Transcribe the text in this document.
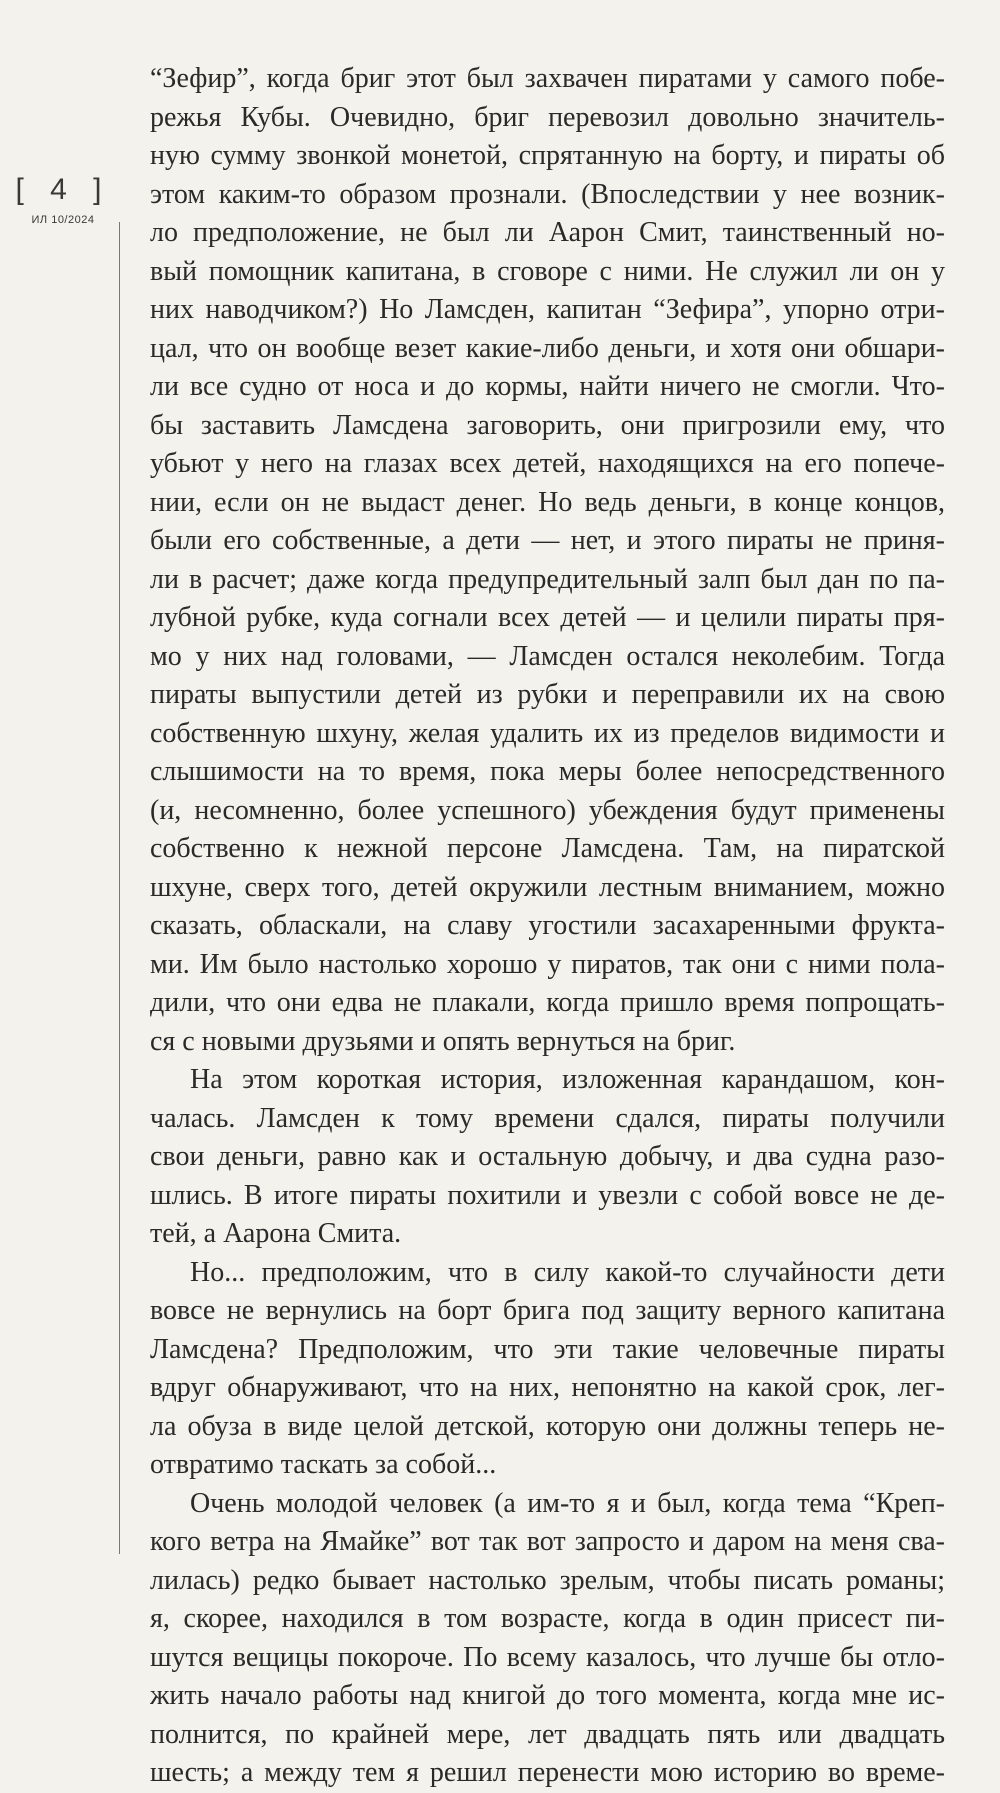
[ 4 ]
ИЛ 10/2024
“Зефир”, когда бриг этот был захвачен пиратами у самого побе-
режья Кубы. Очевидно, бриг перевозил довольно значитель-
ную сумму звонкой монетой, спрятанную на борту, и пираты об
этом каким-то образом прознали. (Впоследствии у нее возник-
ло предположение, не был ли Аарон Смит, таинственный но-
вый помощник капитана, в сговоре с ними. Не служил ли он у
них наводчиком?) Но Ламсден, капитан “Зефира”, упорно отри-
цал, что он вообще везет какие-либо деньги, и хотя они обшари-
ли все судно от носа и до кормы, найти ничего не смогли. Что-
бы заставить Ламсдена заговорить, они пригрозили ему, что
убьют у него на глазах всех детей, находящихся на его попече-
нии, если он не выдаст денег. Но ведь деньги, в конце концов,
были его собственные, а дети — нет, и этого пираты не приня-
ли в расчет; даже когда предупредительный залп был дан по па-
лубной рубке, куда согнали всех детей — и целили пираты пря-
мо у них над головами, — Ламсден остался неколебим. Тогда
пираты выпустили детей из рубки и переправили их на свою
собственную шхуну, желая удалить их из пределов видимости и
слышимости на то время, пока меры более непосредственного
(и, несомненно, более успешного) убеждения будут применены
собственно к нежной персоне Ламсдена. Там, на пиратской
шхуне, сверх того, детей окружили лестным вниманием, можно
сказать, обласкали, на славу угостили засахаренными фрукта-
ми. Им было настолько хорошо у пиратов, так они с ними пола-
дили, что они едва не плакали, когда пришло время попрощать-
ся с новыми друзьями и опять вернуться на бриг.
На этом короткая история, изложенная карандашом, кон-
чалась. Ламсден к тому времени сдался, пираты получили
свои деньги, равно как и остальную добычу, и два судна разо-
шлись. В итоге пираты похитили и увезли с собой вовсе не де-
тей, а Аарона Смита.
Но... предположим, что в силу какой-то случайности дети
вовсе не вернулись на борт брига под защиту верного капитана
Ламсдена? Предположим, что эти такие человечные пираты
вдруг обнаруживают, что на них, непонятно на какой срок, лег-
ла обуза в виде целой детской, которую они должны теперь не-
отвратимо таскать за собой...
Очень молодой человек (а им-то я и был, когда тема “Креп-
кого ветра на Ямайке” вот так вот запросто и даром на меня сва-
лилась) редко бывает настолько зрелым, чтобы писать романы;
я, скорее, находился в том возрасте, когда в один присест пи-
шутся вещицы покороче. По всему казалось, что лучше бы отло-
жить начало работы над книгой до того момента, когда мне ис-
полнится, по крайней мере, лет двадцать пять или двадцать
шесть; а между тем я решил перенести мою историю во време-
